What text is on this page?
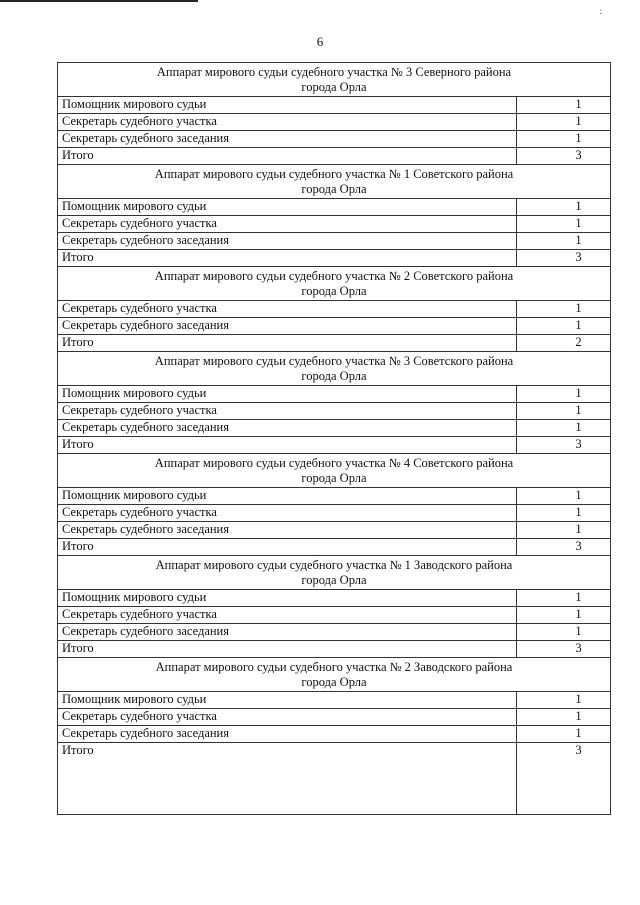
:
6
Аппарат мирового судьи судебного участка № 3 Северного района
города Орла	
Помощник мирового судьи	1
Секретарь судебного участка	1
Секретарь судебного заседания	1
Итого	3
Аппарат мирового судьи судебного участка № 1 Советского района
города Орла	
Помощник мирового судьи	1
Секретарь судебного участка	1
Секретарь судебного заседания	1
Итого	3
Аппарат мирового судьи судебного участка № 2 Советского района
города Орла	
Секретарь судебного участка	1
Секретарь судебного заседания	1
Итого	2
Аппарат мирового судьи судебного участка № 3 Советского района
города Орла	
Помощник мирового судьи	1
Секретарь судебного участка	1
Секретарь судебного заседания	1
Итого	3
Аппарат мирового судьи судебного участка № 4 Советского района
города Орла	
Помощник мирового судьи	1
Секретарь судебного участка	1
Секретарь судебного заседания	1
Итого	3
Аппарат мирового судьи судебного участка № 1 Заводского района
города Орла	
Помощник мирового судьи	1
Секретарь судебного участка	1
Секретарь судебного заседания	1
Итого	3
Аппарат мирового судьи судебного участка № 2 Заводского района
города Орла	
Помощник мирового судьи	1
Секретарь судебного участка	1
Секретарь судебного заседания	1
Итого	3
